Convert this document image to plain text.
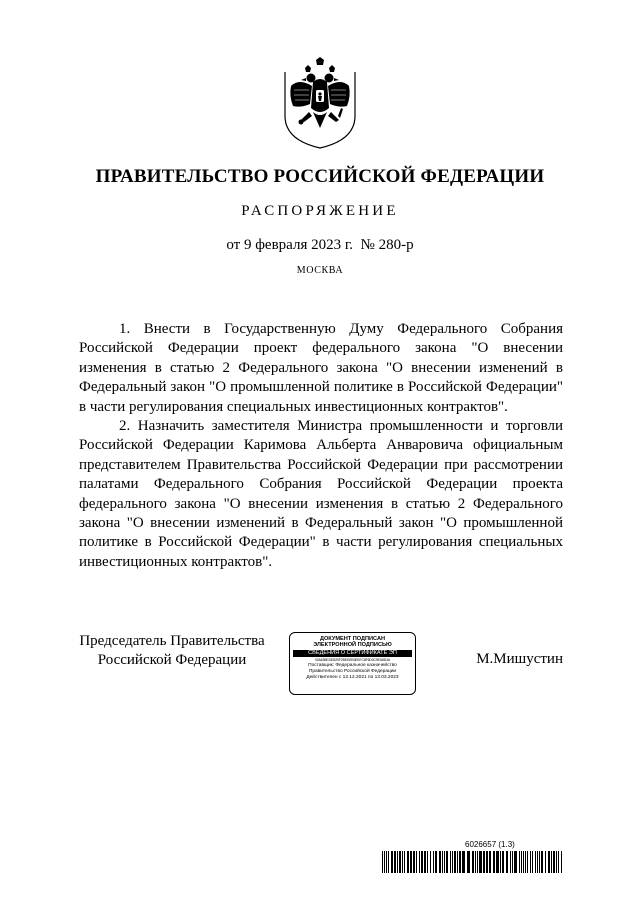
ПРАВИТЕЛЬСТВО РОССИЙСКОЙ ФЕДЕРАЦИИ
РАСПОРЯЖЕНИЕ
от 9 февраля 2023 г.  № 280-р
МОСКВА

1. Внести в Государственную Думу Федерального Собрания Российской Федерации проект федерального закона "О внесении изменения в статью 2 Федерального закона "О внесении изменений в Федеральный закон "О промышленной политике в Российской Федерации" в части регулирования специальных инвестиционных контрактов".

2. Назначить заместителя Министра промышленности и торговли Российской Федерации Каримова Альберта Анваровича официальным представителем Правительства Российской Федерации при рассмотрении палатами Федерального Собрания Российской Федерации проекта федерального закона "О внесении изменения в статью 2 Федерального закона "О внесении изменений в Федеральный закон "О промышленной политике в Российской Федерации" в части регулирования специальных инвестиционных контрактов".

Председатель Правительства
Российской Федерации
ДОКУМЕНТ ПОДПИСАН
ЭЛЕКТРОННОЙ ПОДПИСЬЮ
СВЕДЕНИЯ О СЕРТИФИКАТЕ ЭП
00A63ВЕDЕВ29F2ВЕDЕВ3EВ7С8F6D0С9ЕА8D4А
Поставщик: Федеральное казначейство
Правительство Российской Федерации
Действителен с 13.12.2021 по 13.03.2023
М.Мишустин
6026657 (1.3)
